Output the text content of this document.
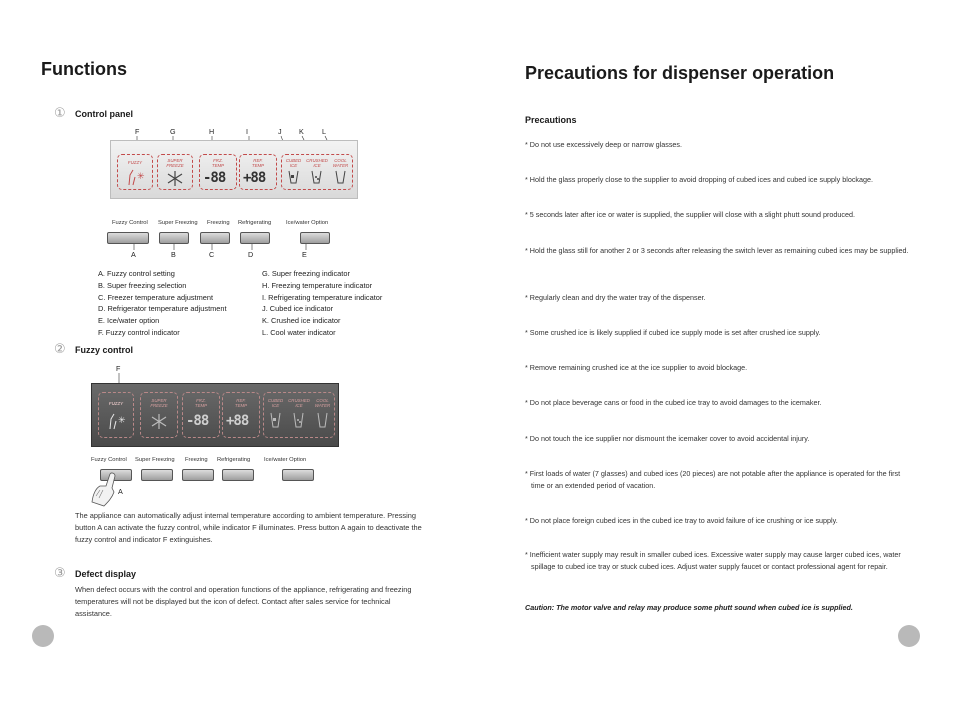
Functions
① Control panel
F	G	H	I	J K	L
FUZZY
✳
SUPER
FREEZE
FRZ.
TEMP
-88
REF.
TEMP
+88
CUBED
ICE
CRUSHED
ICE
COOL
WATER
Fuzzy Control Super Freezing Freezing Refrigerating	Ice/water Option
A	B	C	D	E
A. Fuzzy control setting
B. Super freezing selection
C. Freezer temperature adjustment
D. Refrigerator temperature adjustment
E. Ice/water option
F. Fuzzy control indicator
G. Super freezing indicator
H. Freezing temperature indicator
I. Refrigerating temperature indicator
J. Cubed ice indicator
K. Crushed ice indicator
L. Cool water indicator
② Fuzzy control
F
FUZZY
✳
SUPER
FREEZE
FRZ.
TEMP
-88
REF.
TEMP
+88
CUBED
ICE
CRUSHED
ICE
COOL
WATER
Fuzzy Control Super Freezing Freezing Refrigerating Ice/water Option
A
The appliance can automatically adjust internal temperature according to ambient temperature. Pressing button A can activate the fuzzy control, while indicator F illuminates. Press button A again to deactivate the fuzzy control and indicator F extinguishes.
③ Defect display
When defect occurs with the control and operation functions of the appliance, refrigerating and freezing temperatures will not be displayed but the icon of defect. Contact after sales service for technical assistance.
Precautions for dispenser operation
Precautions
* Do not use excessively deep or narrow glasses.
* Hold the glass properly close to the supplier to avoid dropping of cubed ices and cubed ice supply blockage.
* 5 seconds later after ice or water is supplied, the supplier will close with a slight phutt sound produced.
* Hold the glass still for another 2 or 3 seconds after releasing the switch lever as remaining cubed ices may be supplied.
* Regularly clean and dry the water tray of the dispenser.
* Some crushed ice is likely supplied if cubed ice supply mode is set after crushed ice supply.
* Remove remaining crushed ice at the ice supplier to avoid blockage.
* Do not place beverage cans or food in the cubed ice tray to avoid damages to the icemaker.
* Do not touch the ice supplier nor dismount the icemaker cover to avoid accidental injury.
* First loads of water (7 glasses) and cubed ices (20 pieces) are not potable after the appliance is operated for the first time or an extended period of vacation.
* Do not place foreign cubed ices in the cubed ice tray to avoid failure of ice crushing or ice supply.
* Inefficient water supply may result in smaller cubed ices. Excessive water supply may cause larger cubed ices, water spillage to cubed ice tray or stuck cubed ices. Adjust water supply faucet or contact professional agent for repair.
Caution: The motor valve and relay may produce some phutt sound when cubed ice is supplied.
